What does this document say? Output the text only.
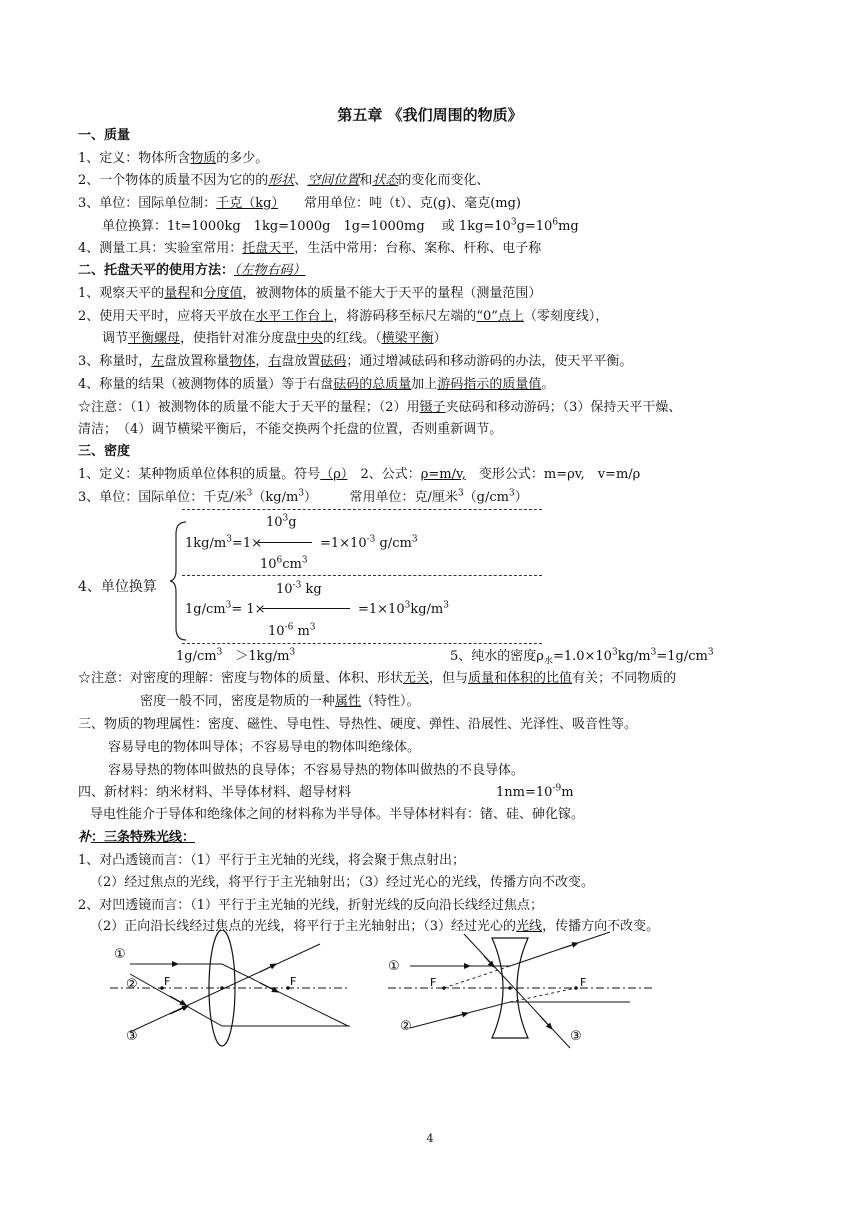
第五章 《我们周围的物质》
一、质量
1、定义：物体所含物质的多少。
2、一个物体的质量不因为它的的形状、空间位置和状态的变化而变化、
3、单位：国际单位制：千克（kg）　　 常用单位：吨（t）、克(g)、毫克(mg)
单位换算：1t=1000kg　1kg=1000g　1g=1000mg　 或 $1kg=10^3g=10^6mg$
4、测量工具：实验室常用：托盘天平，生活中常用：台称、案称、杆称、电子称
二、托盘天平的使用方法：（左物右码）
1、观察天平的量程和分度值，被测物体的质量不能大于天平的量程（测量范围）
2、使用天平时，应将天平放在水平工作台上，将游码移至标尺左端的“0”点上（零刻度线），
调节平衡螺母，使指针对准分度盘中央的红线。（横梁平衡）
3、称量时，左盘放置称量物体，右盘放置砝码；通过增减砝码和移动游码的办法，使天平平衡。
4、称量的结果（被测物体的质量）等于右盘砝码的总质量加上游码指示的质量值。
☆注意：（1）被测物体的质量不能大于天平的量程；（2）用镊子夹砝码和移动游码；（3）保持天平干燥、
清洁；　（4）调节横梁平衡后，不能交换两个托盘的位置，否则重新调节。
三、密度
1、定义：某种物质单位体积的质量。符号（ρ）　2、公式：ρ=m/v,　变形公式：m=ρv,　v=m/ρ
3、单位：国际单位：千克/米$^3(kg/m^3)$　　　常用单位：克/厘米$^3(g/cm^3)$
4、单位换算
$10^3g$
$1kg/m^3=1\times$	$=1\times 10^{-3}$ $g/cm^3$
$10^6cm^3$
$10^{-3}$ kg
$1g/cm^3= 1\times$	$=1\times 10^3kg/m^3$
$10^{-6}$ $m^3$
$1g/cm^3$　$>1kg/m^3$	5、纯水的密度$\rho_水=1.0\times 10^3kg/m^3=1g/cm^3$
☆注意：对密度的理解：密度与物体的质量、体积、形状无关，但与质量和体积的比值有关；不同物质的
密度一般不同，密度是物质的一种属性（特性）。
三、物质的物理属性：密度、磁性、导电性、导热性、硬度、弹性、沿展性、光泽性、吸音性等。
容易导电的物体叫导体；不容易导电的物体叫绝缘体。
容易导热的物体叫做热的良导体；不容易导热的物体叫做热的不良导体。
四、新材料：纳米材料、半导体材料、超导材料	$1nm=10^{-9}m$
导电性能介于导体和绝缘体之间的材料称为半导体。半导体材料有：锗、硅、砷化镓。
补：三条特殊光线：
1、对凸透镜而言：（1）平行于主光轴的光线，将会聚于焦点射出；
（2）经过焦点的光线，将平行于主光轴射出；（3）经过光心的光线，传播方向不改变。
2、对凹透镜而言：（1）平行于主光轴的光线，折射光线的反向沿长线经过焦点；
（2）正向沿长线经过焦点的光线，将平行于主光轴射出；（3）经过光心的光线，传播方向不改变。
①
②
③
F	F
①
②
③
F	F
4
